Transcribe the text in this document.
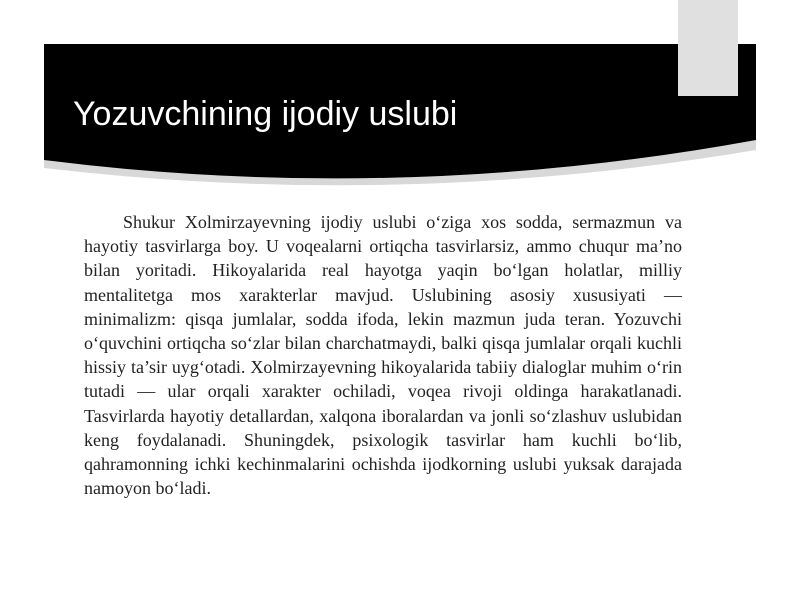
Yozuvchining ijodiy uslubi

Shukur Xolmirzayevning ijodiy uslubi o‘ziga xos sodda, sermazmun va hayotiy tasvirlarga boy. U voqealarni ortiqcha tasvirlarsiz, ammo chuqur ma’no bilan yoritadi. Hikoyalarida real hayotga yaqin bo‘lgan holatlar, milliy mentalitetga mos xarakterlar mavjud. Uslubining asosiy xususiyati — minimalizm: qisqa jumlalar, sodda ifoda, lekin mazmun juda teran. Yozuvchi o‘quvchini ortiqcha so‘zlar bilan charchatmaydi, balki qisqa jumlalar orqali kuchli hissiy ta’sir uyg‘otadi. Xolmirzayevning hikoyalarida tabiiy dialoglar muhim o‘rin tutadi — ular orqali xarakter ochiladi, voqea rivoji oldinga harakatlanadi. Tasvirlarda hayotiy detallardan, xalqona iboralardan va jonli so‘zlashuv uslubidan keng foydalanadi. Shuningdek, psixologik tasvirlar ham kuchli bo‘lib, qahramonning ichki kechinmalarini ochishda ijodkorning uslubi yuksak darajada namoyon bo‘ladi.
